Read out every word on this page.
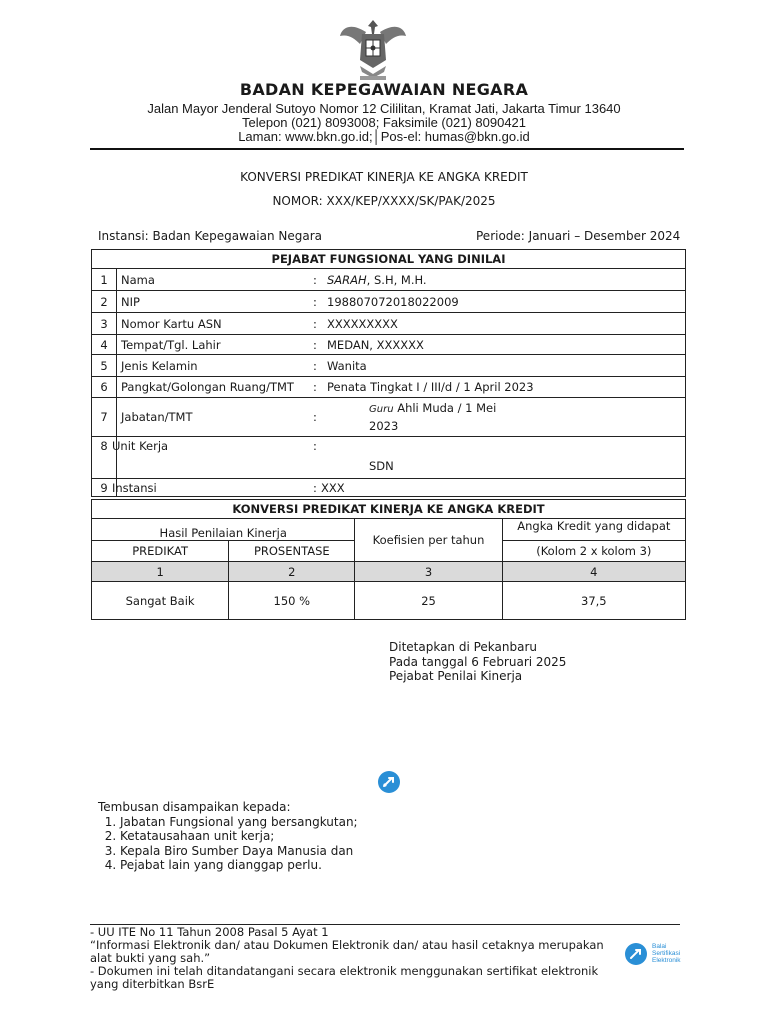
BADAN KEPEGAWAIAN NEGARA
Jalan Mayor Jenderal Sutoyo Nomor 12 Cililitan, Kramat Jati, Jakarta Timur 13640
Telepon (021) 8093008; Faksimile (021) 8090421
Laman: www.bkn.go.id;│Pos-el: humas@bkn.go.id
KONVERSI PREDIKAT KINERJA KE ANGKA KREDIT
NOMOR: XXX/KEP/XXXX/SK/PAK/2025
Instansi: Badan Kepegawaian Negara	Periode: Januari – Desember 2024
PEJABAT FUNGSIONAL YANG DINILAI	
1	Nama : SARAH, S.H, M.H.
2	NIP : 198807072018022009
3	Nomor Kartu ASN : XXXXXXXXX
4	Tempat/Tgl. Lahir : MEDAN, XXXXXX
5	Jenis Kelamin : Wanita
6	Pangkat/Golongan Ruang/TMT : Penata Tingkat I / III/d / 1 April 2023
7	Jabatan/TMT :
Guru Ahli Muda / 1 Mei
2023

8	Unit Kerja :
SDN

9	Instansi : XXX
KONVERSI PREDIKAT KINERJA KE ANGKA KREDIT			
Hasil Penilaian Kinerja		Koefisien per tahun	Angka Kredit yang didapat
PREDIKAT	PROSENTASE		(Kolom 2 x kolom 3)
1	2	3	4
Sangat Baik	150 %	25	37,5
Ditetapkan di Pekanbaru
Pada tanggal 6 Februari 2025
Pejabat Penilai Kinerja
Tembusan disampaikan kepada:
1. Jabatan Fungsional yang bersangkutan;
2. Ketatausahaan unit kerja;
3. Kepala Biro Sumber Daya Manusia dan
4. Pejabat lain yang dianggap perlu.
- UU ITE No 11 Tahun 2008 Pasal 5 Ayat 1
“Informasi Elektronik dan/ atau Dokumen Elektronik dan/ atau hasil cetaknya merupakan alat bukti yang sah.”
- Dokumen ini telah ditandatangani secara elektronik menggunakan sertifikat elektronik yang diterbitkan BsrE
Balai
Sertifikasi
Elektronik
